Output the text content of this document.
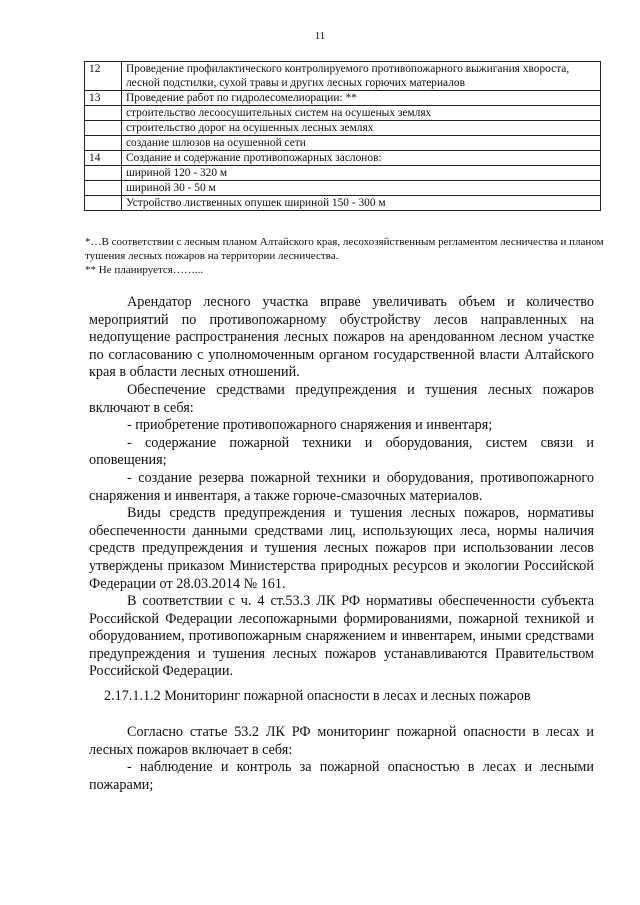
11
12	Проведение профилактического контролируемого противопожарного выжигания хвороста, лесной подстилки, сухой травы и других лесных горючих материалов
13	Проведение работ по гидролесомелиорации: **
	строительство лесоосушительных систем на осушеных землях
	строительство дорог на осушенных лесных землях
	создание шлюзов на осушенной сети
14	Создание и содержание противопожарных заслонов:
	шириной 120 - 320 м
	шириной 30 - 50 м
	Устройство лиственных опушек шириной 150 - 300 м

*…В соответствии с лесным планом Алтайского края, лесохозяйственным регламентом лесничества и планом тушения лесных пожаров на территории лесничества.

** Не планируется……...

Арендатор лесного участка вправе увеличивать объем и количество мероприятий по противопожарному обустройству лесов направленных на недопущение распространения лесных пожаров на арендованном лесном участке по согласованию с уполномоченным органом государственной власти Алтайского края в области лесных отношений.

Обеспечение средствами предупреждения и тушения лесных пожаров включают в себя:

- приобретение противопожарного снаряжения и инвентаря;

- содержание пожарной техники и оборудования, систем связи и оповещения;

- создание резерва пожарной техники и оборудования, противопожарного снаряжения и инвентаря, а также горюче-смазочных материалов.

Виды средств предупреждения и тушения лесных пожаров, нормативы обеспеченности данными средствами лиц, использующих леса, нормы наличия средств предупреждения и тушения лесных пожаров при использовании лесов утверждены приказом Министерства природных ресурсов и экологии Российской Федерации от 28.03.2014 № 161.

В соответствии с ч. 4 ст.53.3 ЛК РФ нормативы обеспеченности субъекта Российской Федерации лесопожарными формированиями, пожарной техникой и оборудованием, противопожарным снаряжением и инвентарем, иными средствами предупреждения и тушения лесных пожаров устанавливаются Правительством Российской Федерации.

2.17.1.1.2 Мониторинг пожарной опасности в лесах и лесных пожаров

Согласно статье 53.2 ЛК РФ мониторинг пожарной опасности в лесах и лесных пожаров включает в себя:

- наблюдение и контроль за пожарной опасностью в лесах и лесными пожарами;
